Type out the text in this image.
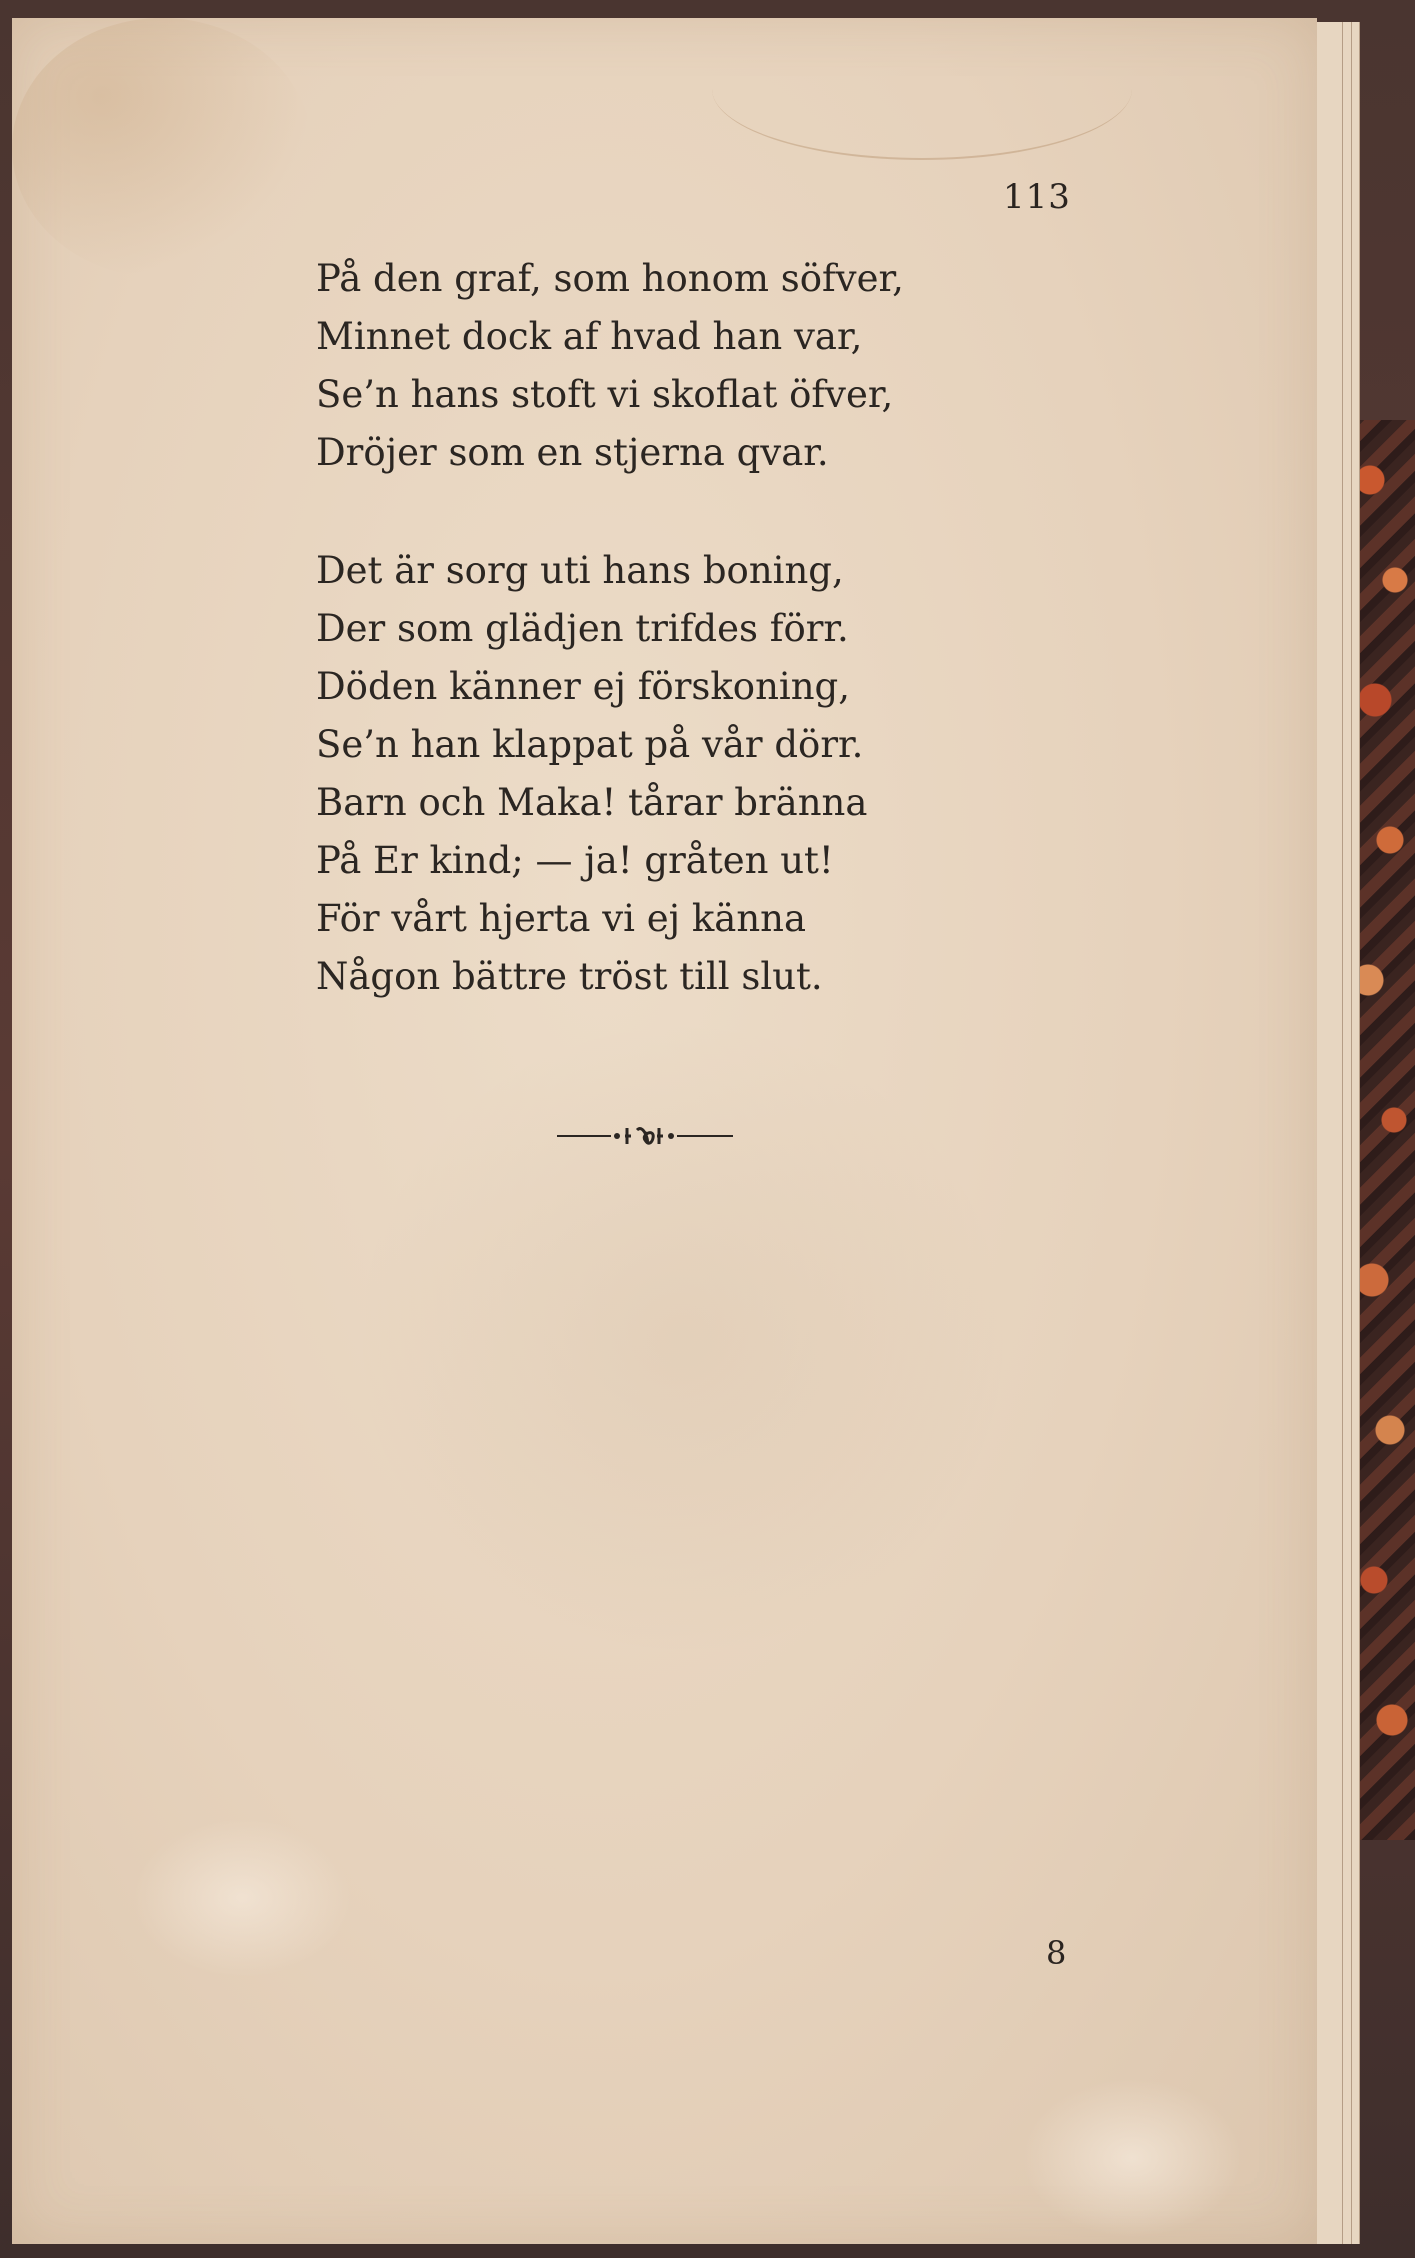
113
På den graf, som honom söfver,
Minnet dock af hvad han var,
Se’n hans stoft vi skoflat öfver,
Dröjer som en stjerna qvar.
Det är sorg uti hans boning,
Der som glädjen trifdes förr.
Döden känner ej förskoning,
Se’n han klappat på vår dörr.
Barn och Maka! tårar bränna
På Er kind; — ja! gråten ut!
För vårt hjerta vi ej känna
Någon bättre tröst till slut.
8
